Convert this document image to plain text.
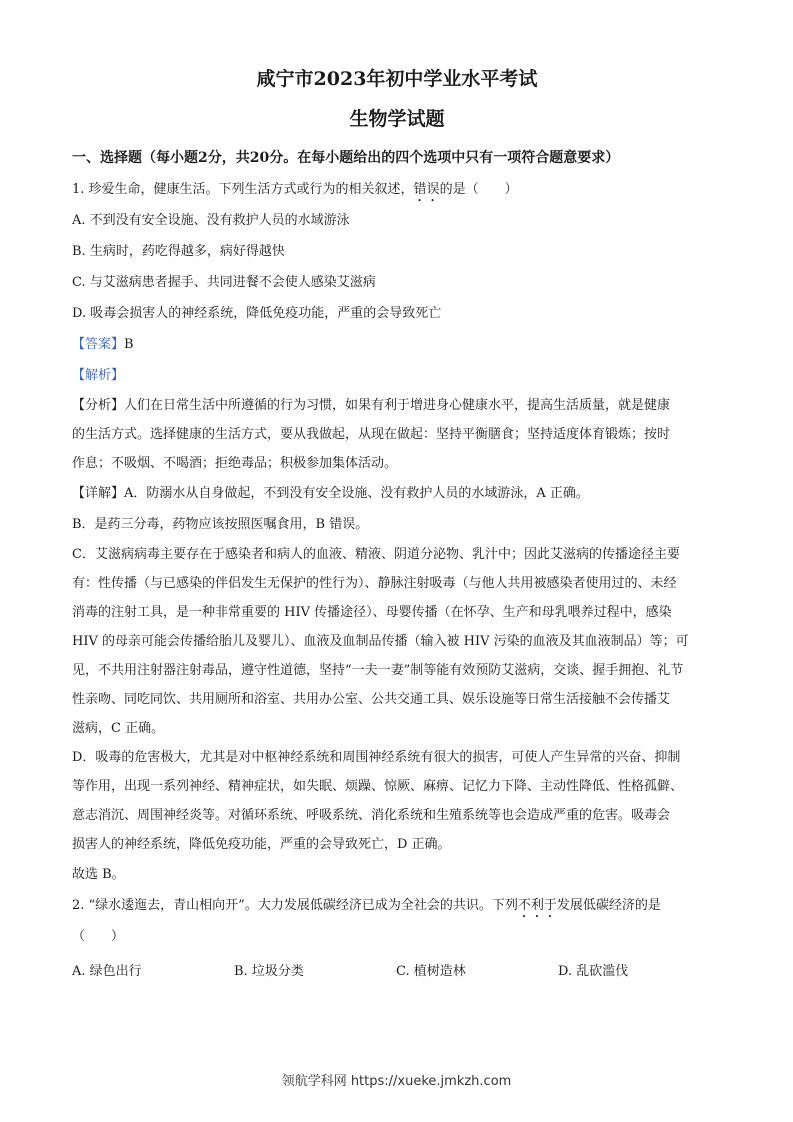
咸宁市2023年初中学业水平考试
生物学试题
一、选择题（每小题2分，共20分。在每小题给出的四个选项中只有一项符合题意要求）

1. 珍爱生命，健康生活。下列生活方式或行为的相关叙述，错误的是（　　）

A. 不到没有安全设施、没有救护人员的水域游泳

B. 生病时，药吃得越多，病好得越快

C. 与艾滋病患者握手、共同进餐不会使人感染艾滋病

D. 吸毒会损害人的神经系统，降低免疫功能，严重的会导致死亡

【答案】B

【解析】

【分析】人们在日常生活中所遵循的行为习惯，如果有利于增进身心健康水平，提高生活质量，就是健康

的生活方式。选择健康的生活方式，要从我做起，从现在做起：坚持平衡膳食；坚持适度体育锻炼；按时

作息；不吸烟、不喝酒；拒绝毒品；积极参加集体活动。

【详解】A．防溺水从自身做起，不到没有安全设施、没有救护人员的水域游泳，A 正确。

B．是药三分毒，药物应该按照医嘱食用，B 错误。

C．艾滋病病毒主要存在于感染者和病人的血液、精液、阴道分泌物、乳汁中；因此艾滋病的传播途径主要

有：性传播（与已感染的伴侣发生无保护的性行为）、静脉注射吸毒（与他人共用被感染者使用过的、未经

消毒的注射工具，是一种非常重要的 HIV 传播途径）、母婴传播（在怀孕、生产和母乳喂养过程中，感染

HIV 的母亲可能会传播给胎儿及婴儿）、血液及血制品传播（输入被 HIV 污染的血液及其血液制品）等；可

见，不共用注射器注射毒品，遵守性道德，坚持“一夫一妻”制等能有效预防艾滋病，交谈、握手拥抱、礼节

性亲吻、同吃同饮、共用厕所和浴室、共用办公室、公共交通工具、娱乐设施等日常生活接触不会传播艾

滋病，C 正确。

D．吸毒的危害极大，尤其是对中枢神经系统和周围神经系统有很大的损害，可使人产生异常的兴奋、抑制

等作用，出现一系列神经、精神症状，如失眠、烦躁、惊厥、麻痹、记忆力下降、主动性降低、性格孤僻、

意志消沉、周围神经炎等。对循环系统、呼吸系统、消化系统和生殖系统等也会造成严重的危害。吸毒会

损害人的神经系统，降低免疫功能，严重的会导致死亡，D 正确。

故选 B。

2. “绿水逶迤去，青山相向开”。大力发展低碳经济已成为全社会的共识。下列不利于发展低碳经济的是

（　　）

A. 绿色出行	B. 垃圾分类	C. 植树造林	D. 乱砍滥伐
领航学科网 https://xueke.jmkzh.com
